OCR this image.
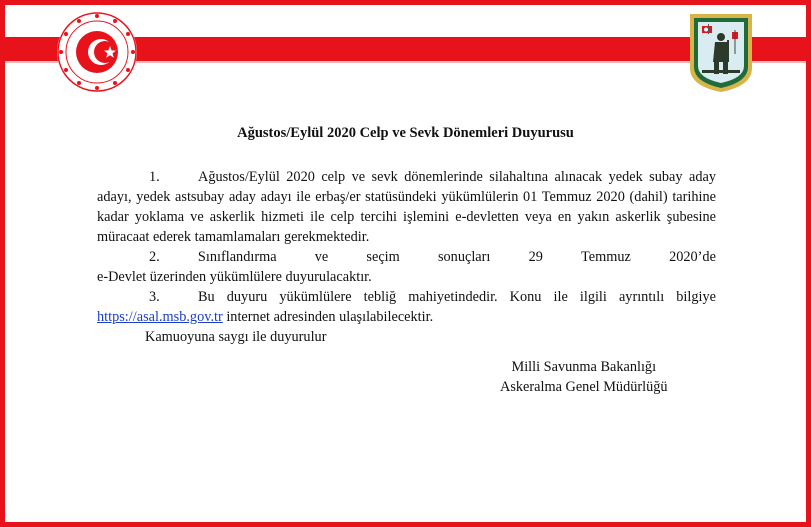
Ağustos/Eylül 2020 Celp ve Sevk Dönemleri Duyurusu

1.	Ağustos/Eylül 2020 celp ve sevk dönemlerinde silahaltına alınacak yedek subay aday adayı, yedek astsubay aday adayı ile erbaş/er statüsündeki yükümlülerin 01 Temmuz 2020 (dahil) tarihine kadar yoklama ve askerlik hizmeti ile celp tercihi işlemini e-devletten veya en yakın askerlik şubesine müracaat ederek tamamlamaları gerekmektedir.

2.	Sınıflandırma	ve	seçim	sonuçları	29	Temmuz	2020’de

e-Devlet üzerinden yükümlülere duyurulacaktır.

3.	Bu duyuru yükümlülere tebliğ mahiyetindedir. Konu ile ilgili ayrıntılı bilgiye https://asal.msb.gov.tr internet adresinden ulaşılabilecektir.

Kamuoyuna saygı ile duyurulur

Milli Savunma Bakanlığı
Askeralma Genel Müdürlüğü
